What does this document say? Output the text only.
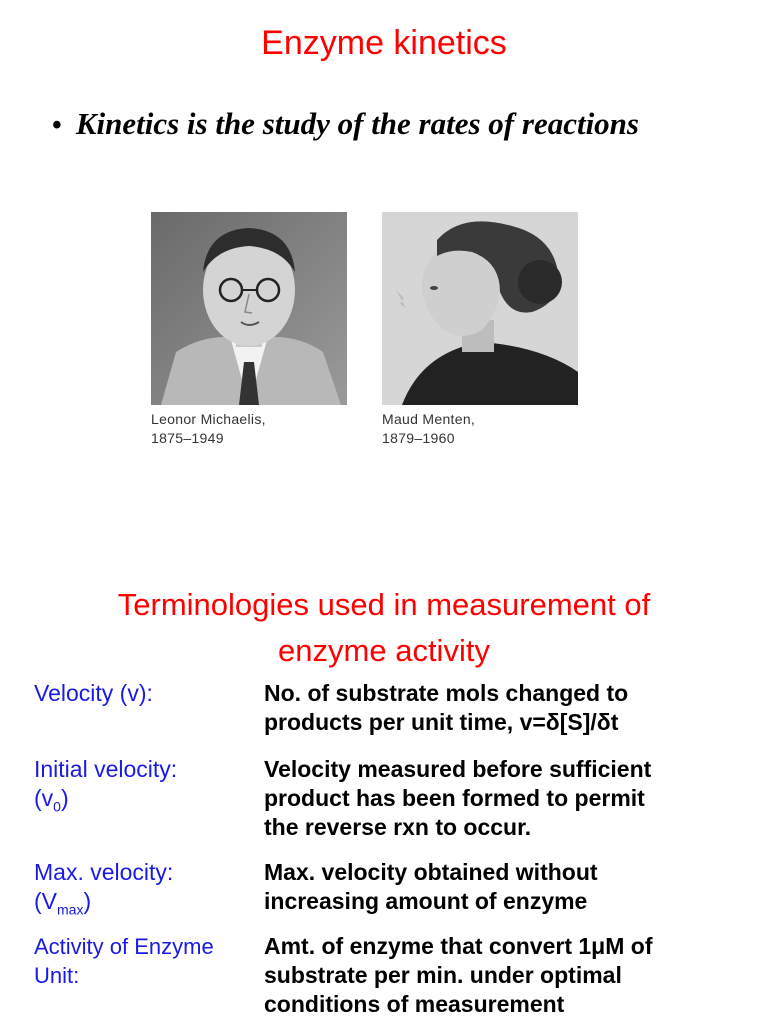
Enzyme kinetics
• Kinetics is the study of the rates of reactions
Leonor Michaelis,
1875–1949
Maud Menten,
1879–1960
Terminologies used in measurement of
enzyme activity
Velocity (v):	No. of substrate mols changed to
products per unit time, v=δ[S]/δt
Initial velocity:
$(v_0)$
Velocity measured before sufficient
product has been formed to permit
the reverse rxn to occur.
Max. velocity:
$(V_{max})$
Max. velocity obtained without
increasing amount of enzyme
Activity of Enzyme
Unit:
Amt. of enzyme that convert 1μM of
substrate per min. under optimal
conditions of measurement
